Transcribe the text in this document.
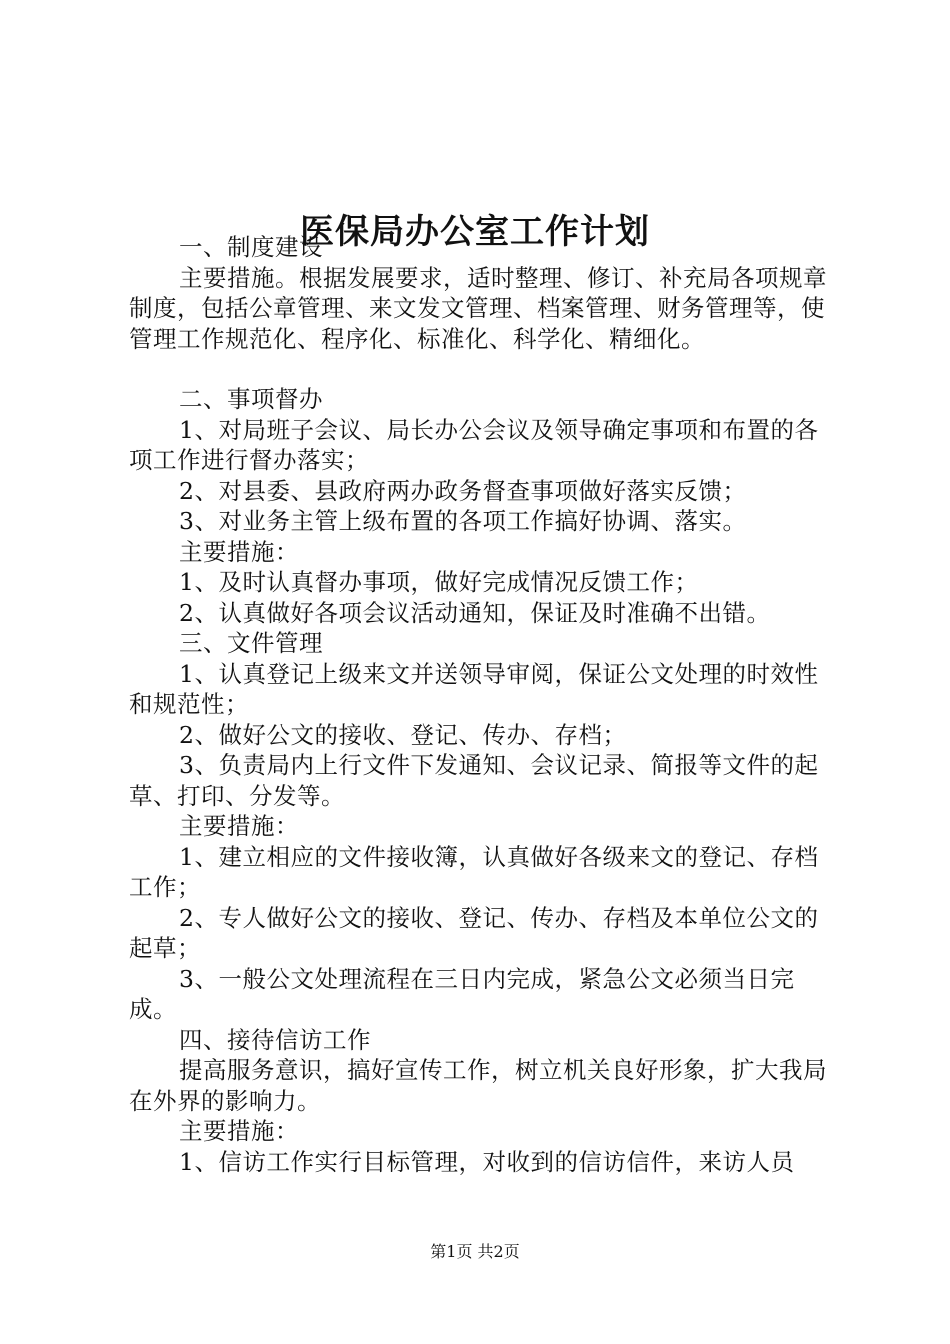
医保局办公室工作计划

一、制度建设

主要措施。根据发展要求，适时整理、修订、补充局各项规章制度，包括公章管理、来文发文管理、档案管理、财务管理等，使管理工作规范化、程序化、标准化、科学化、精细化。

二、事项督办

1、对局班子会议、局长办公会议及领导确定事项和布置的各项工作进行督办落实；

2、对县委、县政府两办政务督查事项做好落实反馈；

3、对业务主管上级布置的各项工作搞好协调、落实。

主要措施：

1、及时认真督办事项，做好完成情况反馈工作；

2、认真做好各项会议活动通知，保证及时准确不出错。

三、文件管理

1、认真登记上级来文并送领导审阅，保证公文处理的时效性和规范性；

2、做好公文的接收、登记、传办、存档；

3、负责局内上行文件下发通知、会议记录、简报等文件的起草、打印、分发等。

主要措施：

1、建立相应的文件接收簿，认真做好各级来文的登记、存档工作；

2、专人做好公文的接收、登记、传办、存档及本单位公文的起草；

3、一般公文处理流程在三日内完成，紧急公文必须当日完成。

四、接待信访工作

提高服务意识，搞好宣传工作，树立机关良好形象，扩大我局在外界的影响力。

主要措施：

1、信访工作实行目标管理，对收到的信访信件，来访人员

第1页 共2页
